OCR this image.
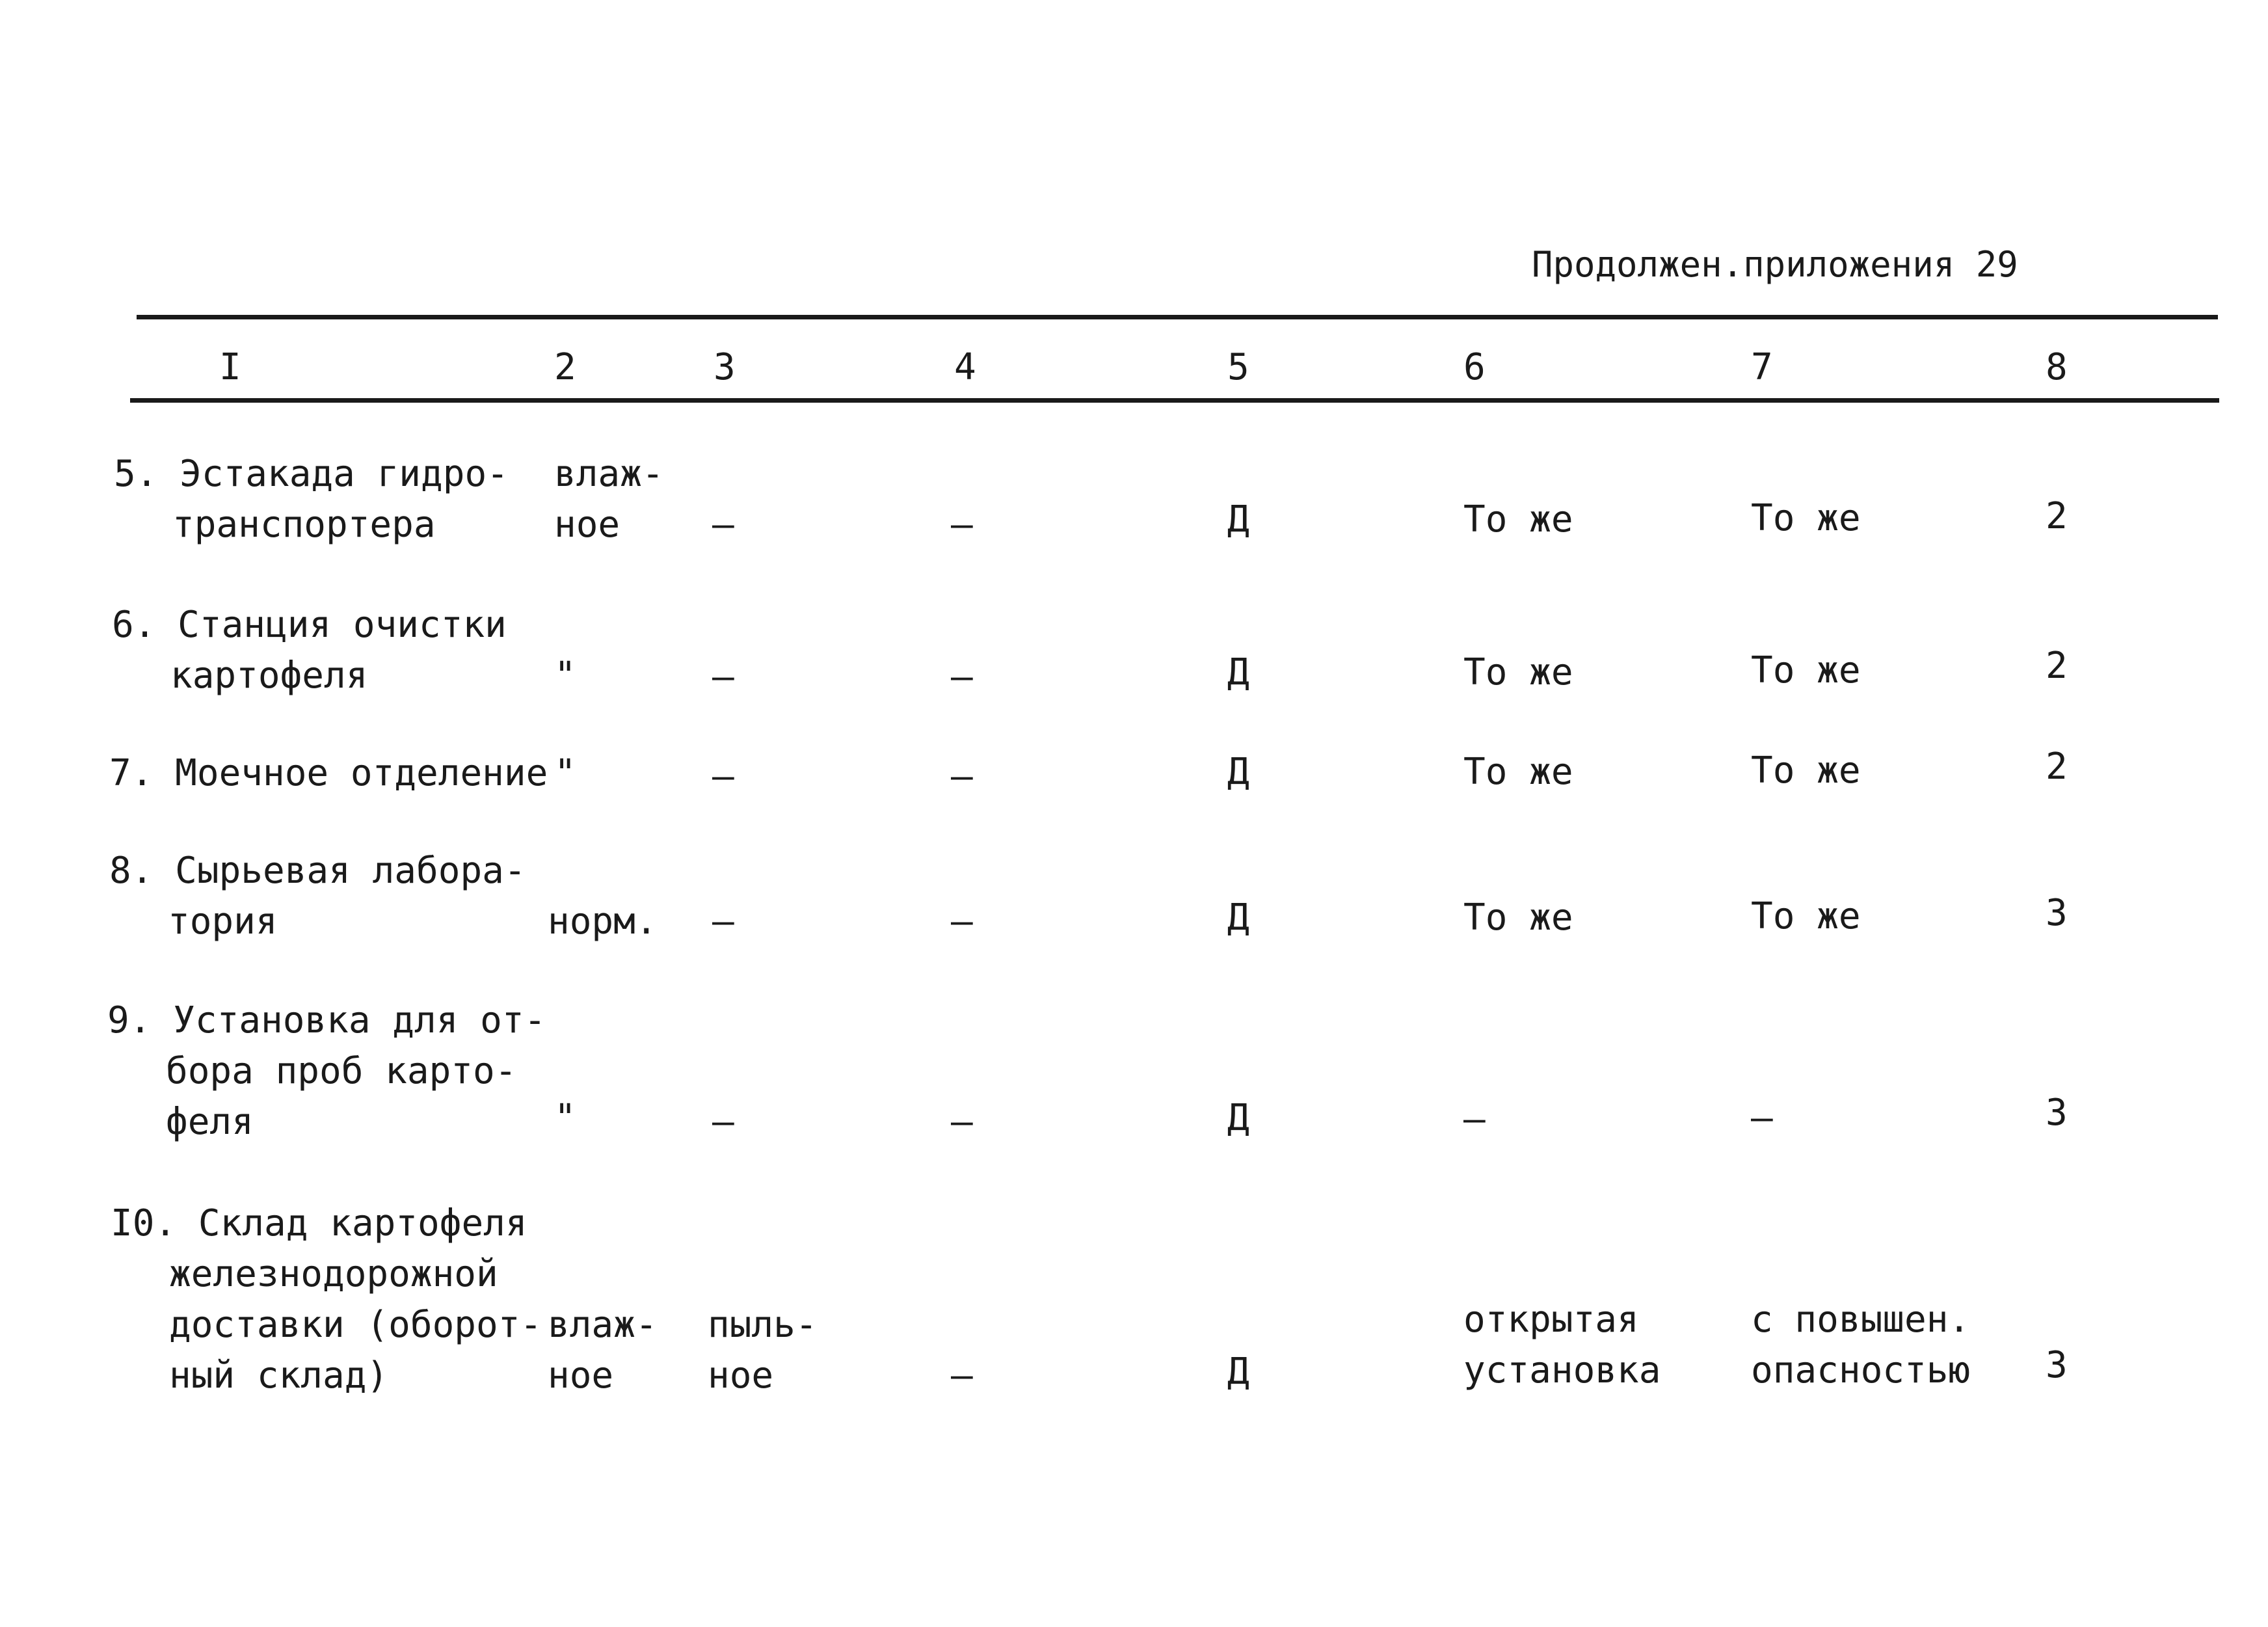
Продолжен.приложения 29
I	2	3	4	5	6	7	8
5. Эстакада гидро-
транспортера
влаж-
ное	–	–	Д	То же	То же	2
6. Станция очистки
картофеля	"	–	–	Д	То же	То же	2
7. Моечное отделение "	–	–	Д	То же	То же	2
8. Сырьевая лабора-
тория	норм. –	–	Д	То же	То же	3
9. Установка для от-
бора проб карто-
феля	"	–	–	Д	–	–	3
I0. Склад картофеля
железнодорожной
доставки (оборот-
ный склад)
влаж-
ное
пыль-
ное	–	Д
открытая
установка
с повышен.
опасностью 3
